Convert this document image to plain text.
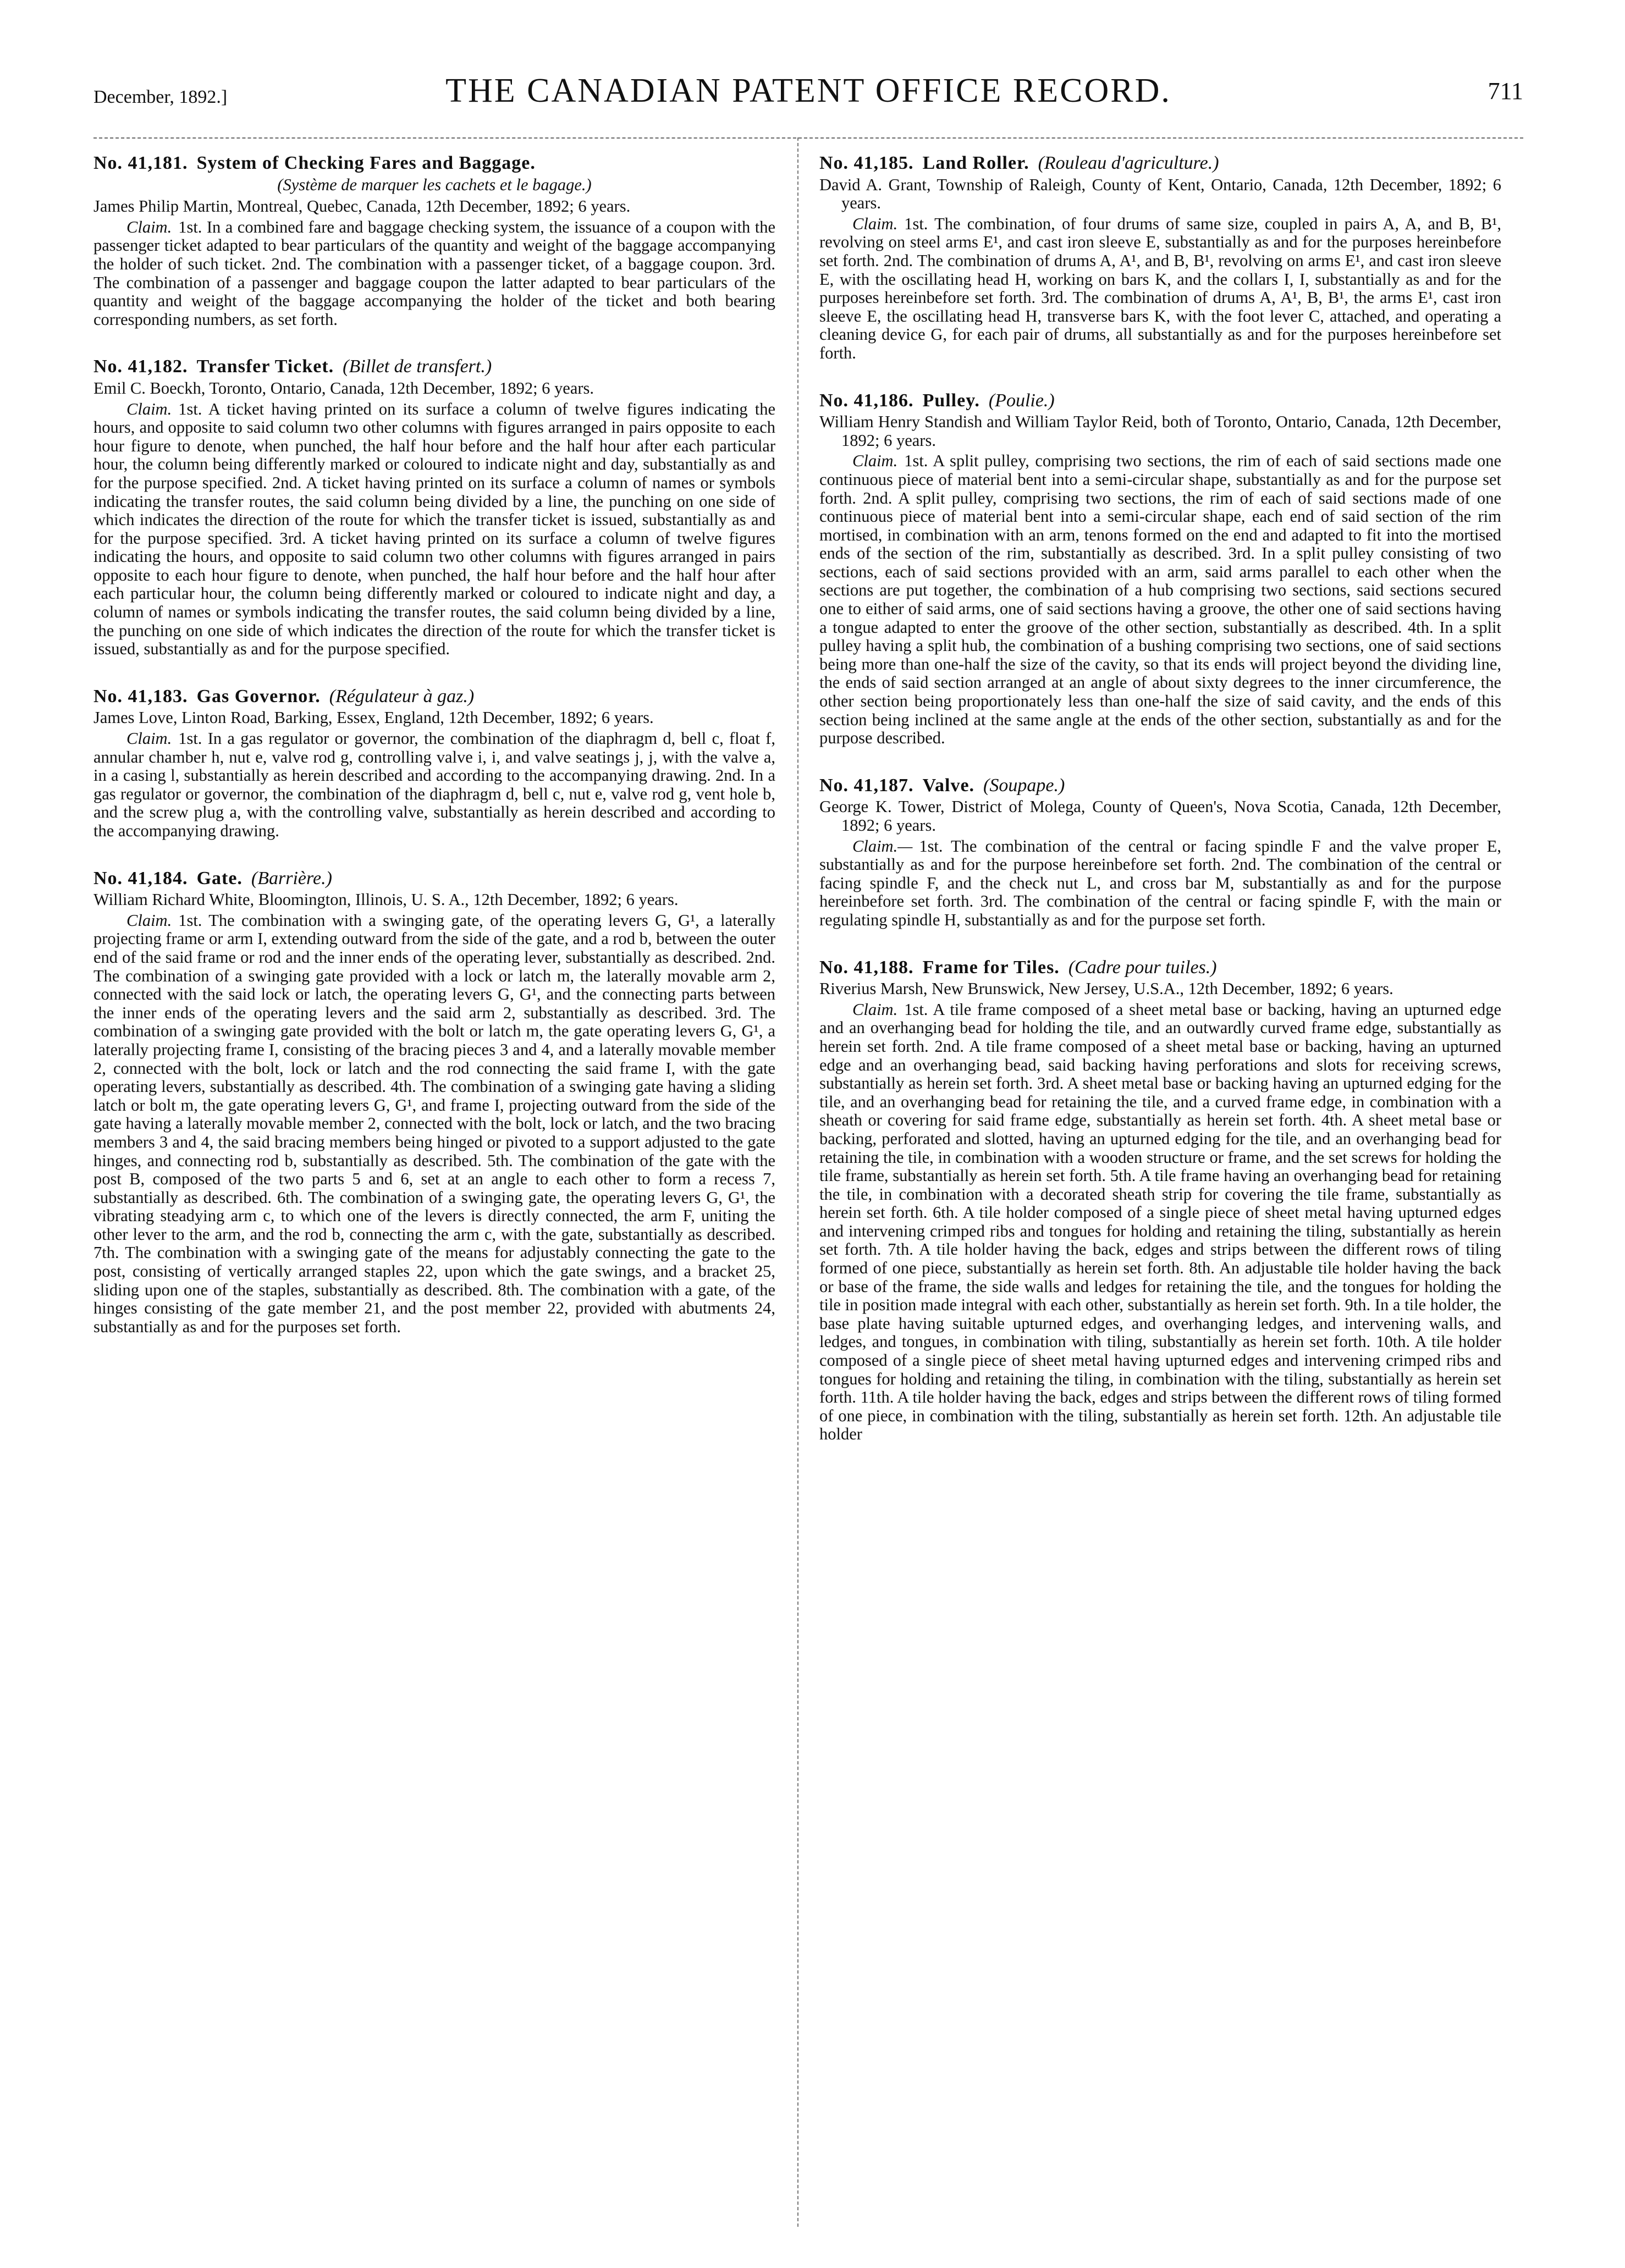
December, 1892.]	THE CANADIAN PATENT OFFICE RECORD.	711
No. 41,181. System of Checking Fares and Baggage.
(Système de marquer les cachets et le bagage.)

James Philip Martin, Montreal, Quebec, Canada, 12th December, 1892; 6 years.

Claim. 1st. In a combined fare and baggage checking system, the issuance of a coupon with the passenger ticket adapted to bear particulars of the quantity and weight of the baggage accompanying the holder of such ticket. 2nd. The combination with a passenger ticket, of a baggage coupon. 3rd. The combination of a passenger and baggage coupon the latter adapted to bear particulars of the quantity and weight of the baggage accompanying the holder of the ticket and both bearing corresponding numbers, as set forth.

No. 41,182. Transfer Ticket. (Billet de transfert.)

Emil C. Boeckh, Toronto, Ontario, Canada, 12th December, 1892; 6 years.

Claim. 1st. A ticket having printed on its surface a column of twelve figures indicating the hours, and opposite to said column two other columns with figures arranged in pairs opposite to each hour figure to denote, when punched, the half hour before and the half hour after each particular hour, the column being differently marked or coloured to indicate night and day, substantially as and for the purpose specified. 2nd. A ticket having printed on its surface a column of names or symbols indicating the transfer routes, the said column being divided by a line, the punching on one side of which indicates the direction of the route for which the transfer ticket is issued, substantially as and for the purpose specified. 3rd. A ticket having printed on its surface a column of twelve figures indicating the hours, and opposite to said column two other columns with figures arranged in pairs opposite to each hour figure to denote, when punched, the half hour before and the half hour after each particular hour, the column being differently marked or coloured to indicate night and day, a column of names or symbols indicating the transfer routes, the said column being divided by a line, the punching on one side of which indicates the direction of the route for which the transfer ticket is issued, substantially as and for the purpose specified.

No. 41,183. Gas Governor. (Régulateur à gaz.)

James Love, Linton Road, Barking, Essex, England, 12th December, 1892; 6 years.

Claim. 1st. In a gas regulator or governor, the combination of the diaphragm d, bell c, float f, annular chamber h, nut e, valve rod g, controlling valve i, i, and valve seatings j, j, with the valve a, in a casing l, substantially as herein described and according to the accompanying drawing. 2nd. In a gas regulator or governor, the combination of the diaphragm d, bell c, nut e, valve rod g, vent hole b, and the screw plug a, with the controlling valve, substantially as herein described and according to the accompanying drawing.

No. 41,184. Gate. (Barrière.)

William Richard White, Bloomington, Illinois, U. S. A., 12th December, 1892; 6 years.

Claim. 1st. The combination with a swinging gate, of the operating levers G, G¹, a laterally projecting frame or arm I, extending outward from the side of the gate, and a rod b, between the outer end of the said frame or rod and the inner ends of the operating lever, substantially as described. 2nd. The combination of a swinging gate provided with a lock or latch m, the laterally movable arm 2, connected with the said lock or latch, the operating levers G, G¹, and the connecting parts between the inner ends of the operating levers and the said arm 2, substantially as described. 3rd. The combination of a swinging gate provided with the bolt or latch m, the gate operating levers G, G¹, a laterally projecting frame I, consisting of the bracing pieces 3 and 4, and a laterally movable member 2, connected with the bolt, lock or latch and the rod connecting the said frame I, with the gate operating levers, substantially as described. 4th. The combination of a swinging gate having a sliding latch or bolt m, the gate operating levers G, G¹, and frame I, projecting outward from the side of the gate having a laterally movable member 2, connected with the bolt, lock or latch, and the two bracing members 3 and 4, the said bracing members being hinged or pivoted to a support adjusted to the gate hinges, and connecting rod b, substantially as described. 5th. The combination of the gate with the post B, composed of the two parts 5 and 6, set at an angle to each other to form a recess 7, substantially as described. 6th. The combination of a swinging gate, the operating levers G, G¹, the vibrating steadying arm c, to which one of the levers is directly connected, the arm F, uniting the other lever to the arm, and the rod b, connecting the arm c, with the gate, substantially as described. 7th. The combination with a swinging gate of the means for adjustably connecting the gate to the post, consisting of vertically arranged staples 22, upon which the gate swings, and a bracket 25, sliding upon one of the staples, substantially as described. 8th. The combination with a gate, of the hinges consisting of the gate member 21, and the post member 22, provided with abutments 24, substantially as and for the purposes set forth.

No. 41,185. Land Roller. (Rouleau d'agriculture.)

David A. Grant, Township of Raleigh, County of Kent, Ontario, Canada, 12th December, 1892; 6 years.

Claim. 1st. The combination, of four drums of same size, coupled in pairs A, A, and B, B¹, revolving on steel arms E¹, and cast iron sleeve E, substantially as and for the purposes hereinbefore set forth. 2nd. The combination of drums A, A¹, and B, B¹, revolving on arms E¹, and cast iron sleeve E, with the oscillating head H, working on bars K, and the collars I, I, substantially as and for the purposes hereinbefore set forth. 3rd. The combination of drums A, A¹, B, B¹, the arms E¹, cast iron sleeve E, the oscillating head H, transverse bars K, with the foot lever C, attached, and operating a cleaning device G, for each pair of drums, all substantially as and for the purposes hereinbefore set forth.

No. 41,186. Pulley. (Poulie.)

William Henry Standish and William Taylor Reid, both of Toronto, Ontario, Canada, 12th December, 1892; 6 years.

Claim. 1st. A split pulley, comprising two sections, the rim of each of said sections made one continuous piece of material bent into a semi-circular shape, substantially as and for the purpose set forth. 2nd. A split pulley, comprising two sections, the rim of each of said sections made of one continuous piece of material bent into a semi-circular shape, each end of said section of the rim mortised, in combination with an arm, tenons formed on the end and adapted to fit into the mortised ends of the section of the rim, substantially as described. 3rd. In a split pulley consisting of two sections, each of said sections provided with an arm, said arms parallel to each other when the sections are put together, the combination of a hub comprising two sections, said sections secured one to either of said arms, one of said sections having a groove, the other one of said sections having a tongue adapted to enter the groove of the other section, substantially as described. 4th. In a split pulley having a split hub, the combination of a bushing comprising two sections, one of said sections being more than one-half the size of the cavity, so that its ends will project beyond the dividing line, the ends of said section arranged at an angle of about sixty degrees to the inner circumference, the other section being proportionately less than one-half the size of said cavity, and the ends of this section being inclined at the same angle at the ends of the other section, substantially as and for the purpose described.

No. 41,187. Valve. (Soupape.)

George K. Tower, District of Molega, County of Queen's, Nova Scotia, Canada, 12th December, 1892; 6 years.

Claim.— 1st. The combination of the central or facing spindle F and the valve proper E, substantially as and for the purpose hereinbefore set forth. 2nd. The combination of the central or facing spindle F, and the check nut L, and cross bar M, substantially as and for the purpose hereinbefore set forth. 3rd. The combination of the central or facing spindle F, with the main or regulating spindle H, substantially as and for the purpose set forth.

No. 41,188. Frame for Tiles. (Cadre pour tuiles.)

Riverius Marsh, New Brunswick, New Jersey, U.S.A., 12th December, 1892; 6 years.

Claim. 1st. A tile frame composed of a sheet metal base or backing, having an upturned edge and an overhanging bead for holding the tile, and an outwardly curved frame edge, substantially as herein set forth. 2nd. A tile frame composed of a sheet metal base or backing, having an upturned edge and an overhanging bead, said backing having perforations and slots for receiving screws, substantially as herein set forth. 3rd. A sheet metal base or backing having an upturned edging for the tile, and an overhanging bead for retaining the tile, and a curved frame edge, in combination with a sheath or covering for said frame edge, substantially as herein set forth. 4th. A sheet metal base or backing, perforated and slotted, having an upturned edging for the tile, and an overhanging bead for retaining the tile, in combination with a wooden structure or frame, and the set screws for holding the tile frame, substantially as herein set forth. 5th. A tile frame having an overhanging bead for retaining the tile, in combination with a decorated sheath strip for covering the tile frame, substantially as herein set forth. 6th. A tile holder composed of a single piece of sheet metal having upturned edges and intervening crimped ribs and tongues for holding and retaining the tiling, substantially as herein set forth. 7th. A tile holder having the back, edges and strips between the different rows of tiling formed of one piece, substantially as herein set forth. 8th. An adjustable tile holder having the back or base of the frame, the side walls and ledges for retaining the tile, and the tongues for holding the tile in position made integral with each other, substantially as herein set forth. 9th. In a tile holder, the base plate having suitable upturned edges, and overhanging ledges, and intervening walls, and ledges, and tongues, in combination with tiling, substantially as herein set forth. 10th. A tile holder composed of a single piece of sheet metal having upturned edges and intervening crimped ribs and tongues for holding and retaining the tiling, in combination with the tiling, substantially as herein set forth. 11th. A tile holder having the back, edges and strips between the different rows of tiling formed of one piece, in combination with the tiling, substantially as herein set forth. 12th. An adjustable tile holder
